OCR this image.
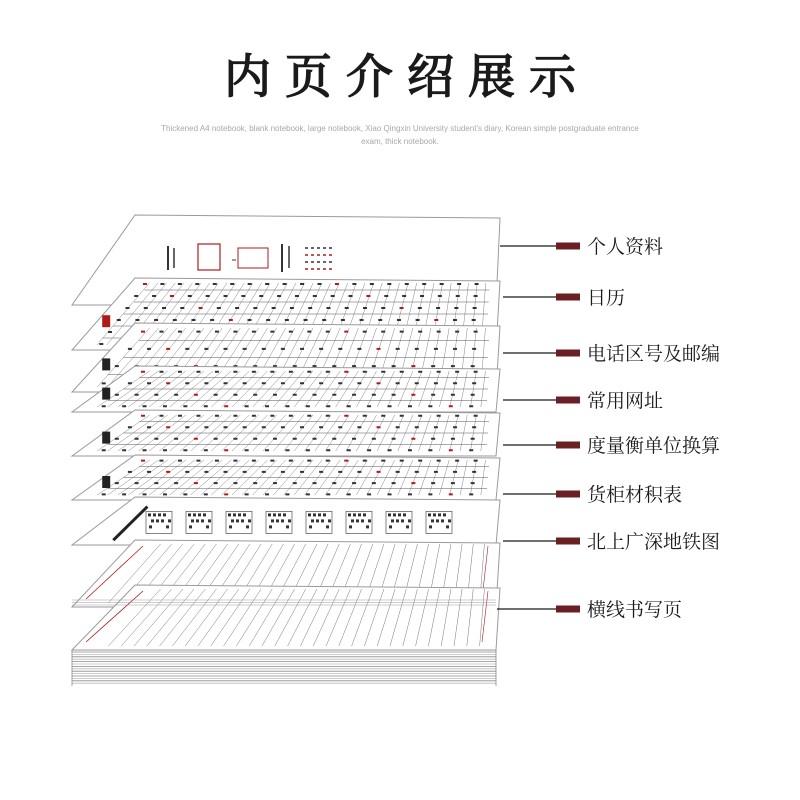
内页介绍展示
Thickened A4 notebook, blank notebook, large notebook, Xiao Qingxin University student's diary, Korean simple postgraduate entrance exam, thick notebook.
个人资料
日历
电话区号及邮编
常用网址
度量衡单位换算
货柜材积表
北上广深地铁图
横线书写页
